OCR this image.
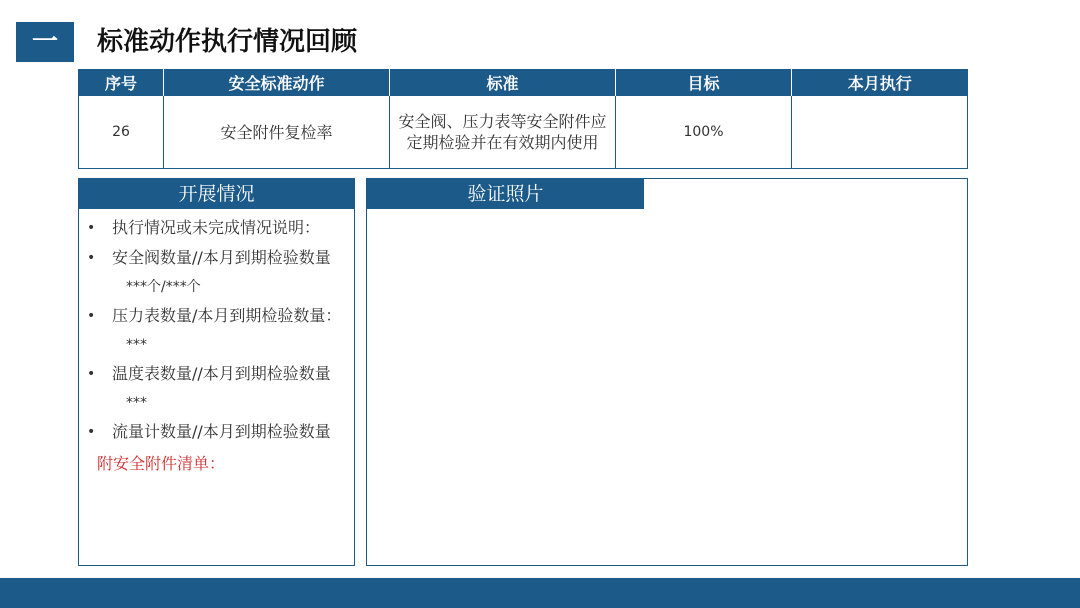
一	标准动作执行情况回顾
序号	安全标准动作	标准	目标	本月执行
26	安全附件复检率	安全阀、压力表等安全附件应定期检验并在有效期内使用	100%	
开展情况
• 执行情况或未完成情况说明：
• 安全阀数量//本月到期检验数量
***个/***个
• 压力表数量/本月到期检验数量：
***
• 温度表数量//本月到期检验数量
***
• 流量计数量//本月到期检验数量
附安全附件清单：
验证照片
